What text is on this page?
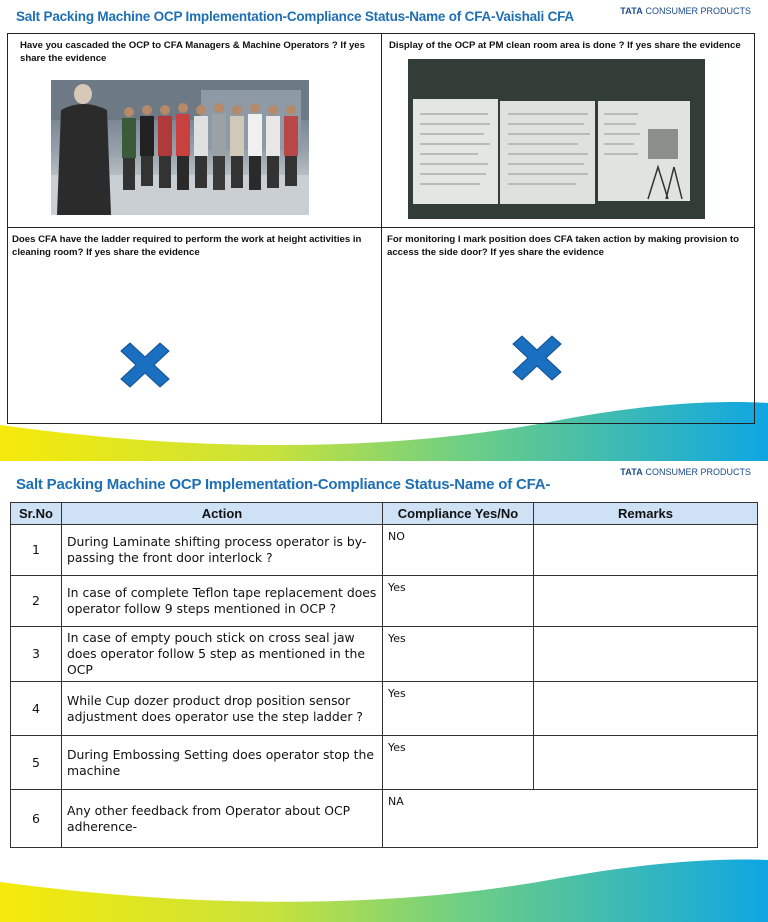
Salt Packing Machine OCP Implementation-Compliance Status-Name of CFA-Vaishali CFA	TATA CONSUMER PRODUCTS
Have you cascaded the OCP to CFA Managers & Machine Operators ? If yes share the evidence
Display of the OCP at PM clean room area is done ? If yes share the evidence
Does CFA have the ladder required to perform the work at height activities in cleaning room? If yes share the evidence
For monitoring I mark position does CFA taken action by making provision to access the side door? If yes share the evidence
Salt Packing Machine OCP Implementation-Compliance Status-Name of CFA-
TATA CONSUMER PRODUCTS
Sr.No	Action	Compliance Yes/No	Remarks
1	During Laminate shifting process operator is by-passing the front door interlock ?	NO	
2	In case of complete Teflon tape replacement does operator follow 9 steps mentioned in OCP ?	Yes	
3	In case of empty pouch stick on cross seal jaw does operator follow 5 step as mentioned in the OCP	Yes	
4	While Cup dozer product drop position sensor adjustment does operator use the step ladder ?	Yes	
5	During Embossing Setting does operator stop the machine	Yes	
6	Any other feedback from Operator about OCP adherence-	NA	
